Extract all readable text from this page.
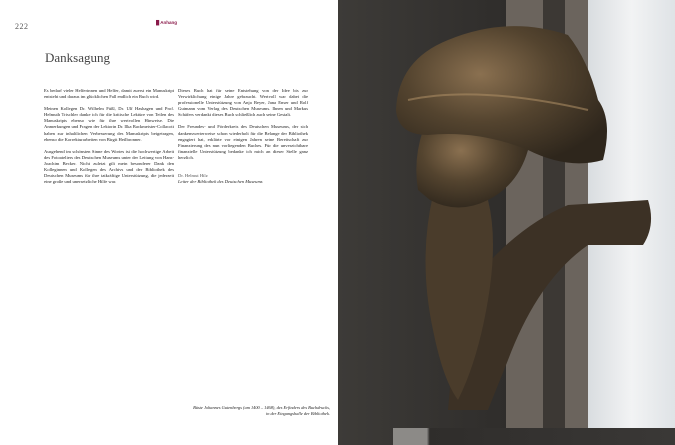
222	█ Anhang
Danksagung

Es bedarf vieler Helferinnen und Helfer, damit zuerst ein Manuskript entsteht und daraus im glücklichen Fall endlich ein Buch wird.

Meinen Kollegen Dr. Wilhelm Füßl, Dr. Ulf Hashagen und Prof. Helmuth Trischler danke ich für die kritische Lektüre von Teilen des Manuskripts ebenso wie für ihre wertvollen Hinweise. Die Anmerkungen und Fragen der Lektorin Dr. Ilka Backmeister-Collacott haben zur inhaltlichen Verbesserung des Manuskripts beigetragen, ebenso die Korrekturarbeiten von Birgit Heilbronner.

Ausgehend im schönsten Sinne des Wortes ist die hochwertige Arbeit des Fotoateliers des Deutschen Museums unter der Leitung von Hans-Joachim Becker. Nicht zuletzt gilt mein besonderer Dank den Kolleginnen und Kollegen des Archivs und der Bibliothek des Deutschen Museums für ihre tatkräftige Unterstützung, die jederzeit eine große und unersetzliche Hilfe war.

Dieses Buch hat für seine Entstehung von der Idee bis zur Verwirklichung einige Jahre gebraucht. Wertvoll war dabei die professionelle Unterstützung von Anja Beyer, Jana Enser und Rolf Gutmann vom Verlag des Deutschen Museums. Ihnen und Markus Schäfers verdankt dieses Buch schließlich auch seine Gestalt.

Der Freundes- und Förderkreis des Deutschen Museums, der sich dankenswerterweise schon wiederholt für die Belange der Bibliothek engagiert hat, erklärte vor einigen Jahren seine Bereitschaft zur Finanzierung des nun vorliegenden Buches. Für die unverzichtbare finanzielle Unterstützung bedanke ich mich an dieser Stelle ganz herzlich.

Dr. Helmut Hilz
Leiter der Bibliothek des Deutschen Museums
Büste Johannes Gutenbergs (um 1400 – 1468), des Erfinders des Buchdrucks, in der Eingangshalle der Bibliothek.
